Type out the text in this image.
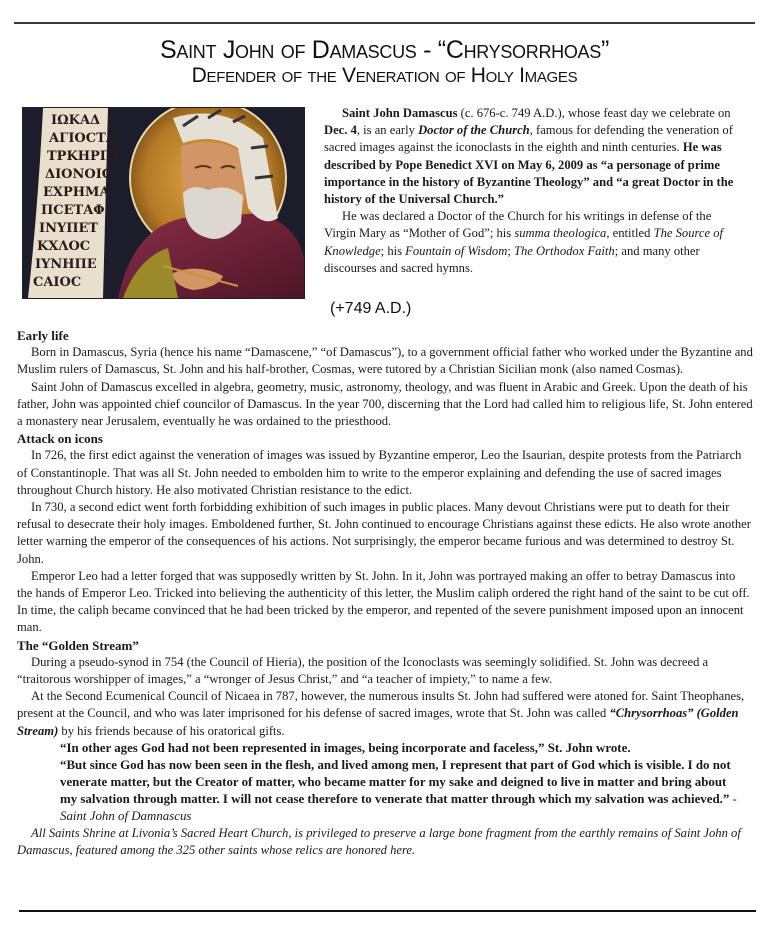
Saint John of Damascus - “Chrysorrhoas”
Defender of the Veneration of Holy Images
ΙΩΚΑΔ
ΑΓΙΟCΤΑ
ΤΡΚΗΡΠΕ
ΔΙΟΝΟΙΟ
ΕΧΡΗΜΑ
ΠCΕΤΑΦ
ΙΝΥΠΕΤ
ΚΧΛΟC
ΙΥΝΗΠΕ
CΑΙΟC

Saint John Damascus (c. 676-c. 749 A.D.), whose feast day we celebrate on Dec. 4, is an early Doctor of the Church, famous for defending the veneration of sacred images against the iconoclasts in the eighth and ninth centuries. He was described by Pope Benedict XVI on May 6, 2009 as “a personage of prime importance in the history of Byzantine Theology” and “a great Doctor in the history of the Universal Church.”

He was declared a Doctor of the Church for his writings in defense of the Virgin Mary as “Mother of God”; his summa theologica, entitled The Source of Knowledge; his Fountain of Wisdom; The Orthodox Faith; and many other discourses and sacred hymns.

(+749 A.D.)
Early life

Born in Damascus, Syria (hence his name “Damascene,” “of Damascus”), to a government official father who worked under the Byzantine and Muslim rulers of Damascus, St. John and his half-brother, Cosmas, were tutored by a Christian Sicilian monk (also named Cosmas).

Saint John of Damascus excelled in algebra, geometry, music, astronomy, theology, and was fluent in Arabic and Greek. Upon the death of his father, John was appointed chief councilor of Damascus. In the year 700, discerning that the Lord had called him to religious life, St. John entered a monastery near Jerusalem, eventually he was ordained to the priesthood.

Attack on icons

In 726, the first edict against the veneration of images was issued by Byzantine emperor, Leo the Isaurian, despite protests from the Patriarch of Constantinople. That was all St. John needed to embolden him to write to the emperor explaining and defending the use of sacred images throughout Church history. He also motivated Christian resistance to the edict.

In 730, a second edict went forth forbidding exhibition of such images in public places. Many devout Christians were put to death for their refusal to desecrate their holy images. Emboldened further, St. John continued to encourage Christians against these edicts. He also wrote another letter warning the emperor of the consequences of his actions. Not surprisingly, the emperor became furious and was determined to destroy St. John.

Emperor Leo had a letter forged that was supposedly written by St. John. In it, John was portrayed making an offer to betray Damascus into the hands of Emperor Leo. Tricked into believing the authenticity of this letter, the Muslim caliph ordered the right hand of the saint to be cut off. In time, the caliph became convinced that he had been tricked by the emperor, and repented of the severe punishment imposed upon an innocent man.

The “Golden Stream”

During a pseudo-synod in 754 (the Council of Hieria), the position of the Iconoclasts was seemingly solidified. St. John was decreed a “traitorous worshipper of images,” a “wronger of Jesus Christ,” and “a teacher of impiety,” to name a few.

At the Second Ecumenical Council of Nicaea in 787, however, the numerous insults St. John had suffered were atoned for. Saint Theophanes, present at the Council, and who was later imprisoned for his defense of sacred images, wrote that St. John was called “Chrysorrhoas” (Golden Stream) by his friends because of his oratorical gifts.

“In other ages God had not been represented in images, being incorporate and faceless,” St. John wrote.
“But since God has now been seen in the flesh, and lived among men, I represent that part of God which is visible. I do not venerate matter, but the Creator of matter, who became matter for my sake and deigned to live in matter and bring about my salvation through matter. I will not cease therefore to venerate that matter through which my salvation was achieved.” - Saint John of Damnascus

All Saints Shrine at Livonia’s Sacred Heart Church, is privileged to preserve a large bone fragment from the earthly remains of Saint John of Damascus, featured among the 325 other saints whose relics are honored here.
